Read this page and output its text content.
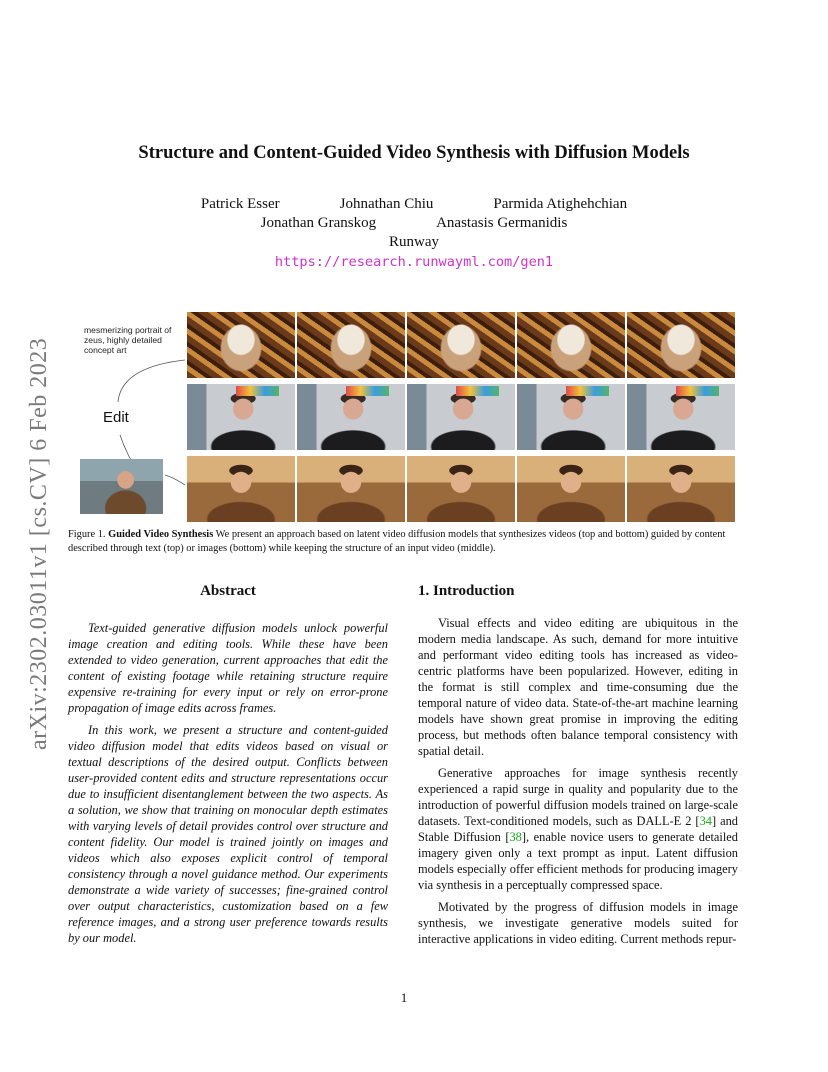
arXiv:2302.03011v1 [cs.CV] 6 Feb 2023
Structure and Content-Guided Video Synthesis with Diffusion Models
Patrick Esser	Johnathan Chiu	Parmida Atighehchian
Jonathan Granskog	Anastasis Germanidis
Runway
https://research.runwayml.com/gen1
mesmerizing portrait of zeus, highly detailed concept art
Edit
Figure 1. Guided Video Synthesis We present an approach based on latent video diffusion models that synthesizes videos (top and bottom) guided by content described through text (top) or images (bottom) while keeping the structure of an input video (middle).
Abstract

Text-guided generative diffusion models unlock powerful image creation and editing tools. While these have been extended to video generation, current approaches that edit the content of existing footage while retaining structure require expensive re-training for every input or rely on error-prone propagation of image edits across frames.

In this work, we present a structure and content-guided video diffusion model that edits videos based on visual or textual descriptions of the desired output. Conflicts between user-provided content edits and structure representations occur due to insufficient disentanglement between the two aspects. As a solution, we show that training on monocular depth estimates with varying levels of detail provides control over structure and content fidelity. Our model is trained jointly on images and videos which also exposes explicit control of temporal consistency through a novel guidance method. Our experiments demonstrate a wide variety of successes; fine-grained control over output characteristics, customization based on a few reference images, and a strong user preference towards results by our model.

1. Introduction

Visual effects and video editing are ubiquitous in the modern media landscape. As such, demand for more intuitive and performant video editing tools has increased as video-centric platforms have been popularized. However, editing in the format is still complex and time-consuming due the temporal nature of video data. State-of-the-art machine learning models have shown great promise in improving the editing process, but methods often balance temporal consistency with spatial detail.

Generative approaches for image synthesis recently experienced a rapid surge in quality and popularity due to the introduction of powerful diffusion models trained on large-scale datasets. Text-conditioned models, such as DALL-E 2 [34] and Stable Diffusion [38], enable novice users to generate detailed imagery given only a text prompt as input. Latent diffusion models especially offer efficient methods for producing imagery via synthesis in a perceptually compressed space.

Motivated by the progress of diffusion models in image synthesis, we investigate generative models suited for interactive applications in video editing. Current methods repur-

1
